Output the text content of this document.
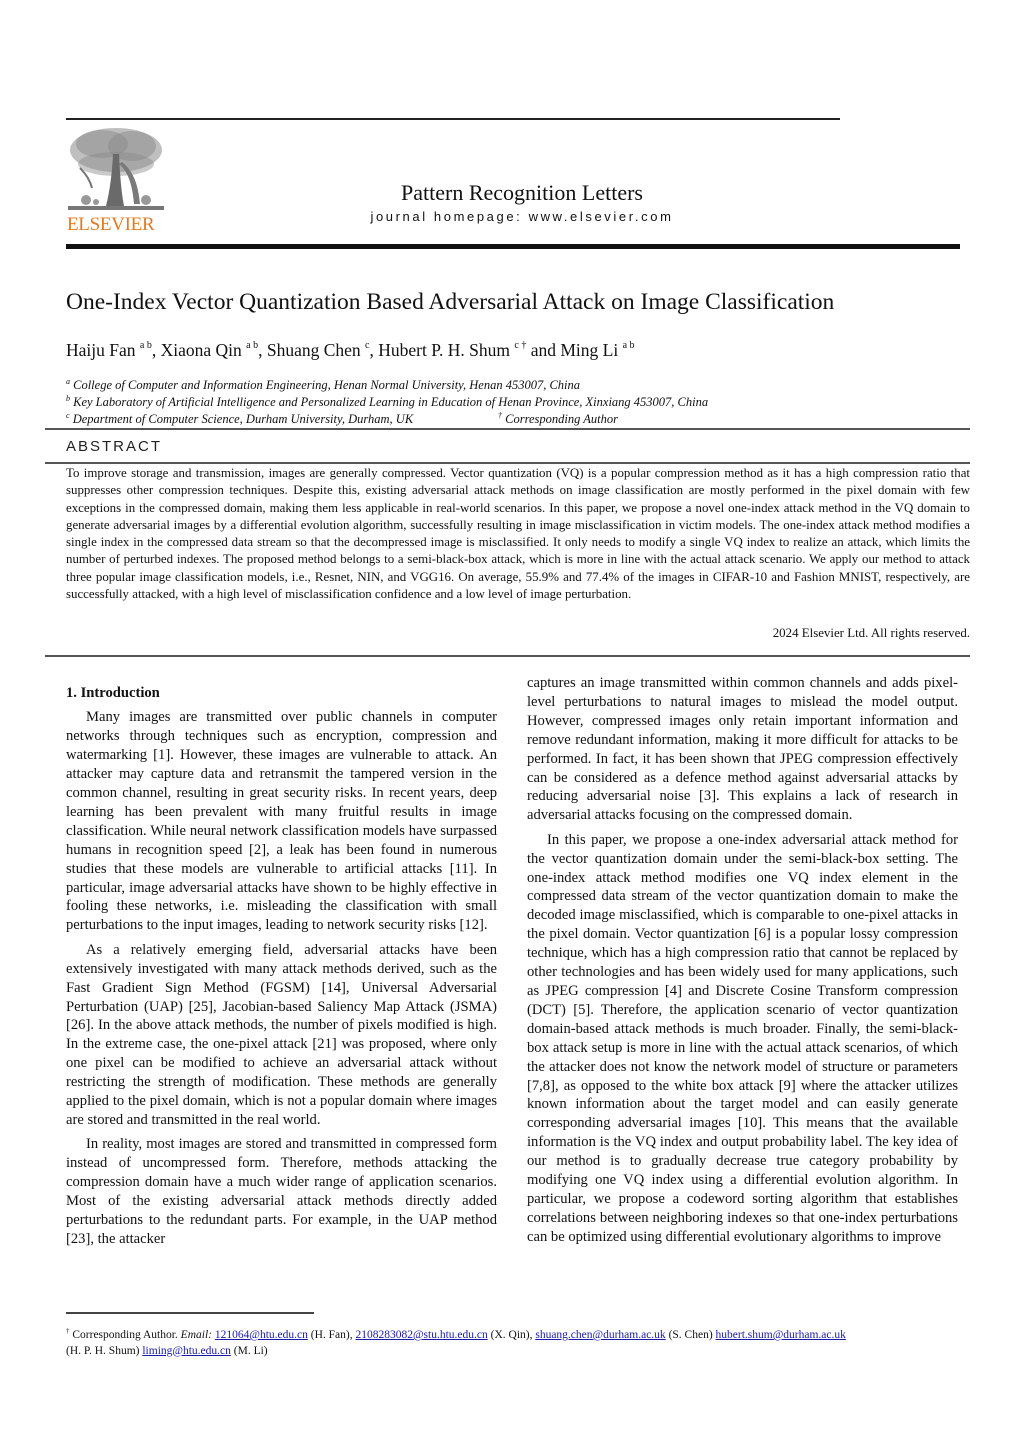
ELSEVIER
Pattern Recognition Letters
journal homepage: www.elsevier.com
One-Index Vector Quantization Based Adversarial Attack on Image Classification
Haiju Fan $^{a b}$, Xiaona Qin $^{a b}$, Shuang Chen $^c$, Hubert P. H. Shum $^{c \dagger}$ and Ming Li $^{a b}$
$^a$ College of Computer and Information Engineering, Henan Normal University, Henan 453007, China
$^b$ Key Laboratory of Artificial Intelligence and Personalized Learning in Education of Henan Province, Xinxiang 453007, China
$^c$ Department of Computer Science, Durham University, Durham, UK	† Corresponding Author
ABSTRACT
To improve storage and transmission, images are generally compressed. Vector quantization (VQ) is a popular compression method as it has a high compression ratio that suppresses other compression techniques. Despite this, existing adversarial attack methods on image classification are mostly performed in the pixel domain with few exceptions in the compressed domain, making them less applicable in real-world scenarios. In this paper, we propose a novel one-index attack method in the VQ domain to generate adversarial images by a differential evolution algorithm, successfully resulting in image misclassification in victim models. The one-index attack method modifies a single index in the compressed data stream so that the decompressed image is misclassified. It only needs to modify a single VQ index to realize an attack, which limits the number of perturbed indexes. The proposed method belongs to a semi-black-box attack, which is more in line with the actual attack scenario. We apply our method to attack three popular image classification models, i.e., Resnet, NIN, and VGG16. On average, 55.9% and 77.4% of the images in CIFAR-10 and Fashion MNIST, respectively, are successfully attacked, with a high level of misclassification confidence and a low level of image perturbation.
2024 Elsevier Ltd. All rights reserved.

1. Introduction

Many images are transmitted over public channels in computer networks through techniques such as encryption, compression and watermarking [1]. However, these images are vulnerable to attack. An attacker may capture data and retransmit the tampered version in the common channel, resulting in great security risks. In recent years, deep learning has been prevalent with many fruitful results in image classification. While neural network classification models have surpassed humans in recognition speed [2], a leak has been found in numerous studies that these models are vulnerable to artificial attacks [11]. In particular, image adversarial attacks have shown to be highly effective in fooling these networks, i.e. misleading the classification with small perturbations to the input images, leading to network security risks [12].

As a relatively emerging field, adversarial attacks have been extensively investigated with many attack methods derived, such as the Fast Gradient Sign Method (FGSM) [14], Universal Adversarial Perturbation (UAP) [25], Jacobian-based Saliency Map Attack (JSMA) [26]. In the above attack methods, the number of pixels modified is high. In the extreme case, the one-pixel attack [21] was proposed, where only one pixel can be modified to achieve an adversarial attack without restricting the strength of modification. These methods are generally applied to the pixel domain, which is not a popular domain where images are stored and transmitted in the real world.

In reality, most images are stored and transmitted in compressed form instead of uncompressed form. Therefore, methods attacking the compression domain have a much wider range of application scenarios. Most of the existing adversarial attack methods directly added perturbations to the redundant parts. For example, in the UAP method [23], the attacker

captures an image transmitted within common channels and adds pixel-level perturbations to natural images to mislead the model output. However, compressed images only retain important information and remove redundant information, making it more difficult for attacks to be performed. In fact, it has been shown that JPEG compression effectively can be considered as a defence method against adversarial attacks by reducing adversarial noise [3]. This explains a lack of research in adversarial attacks focusing on the compressed domain.

In this paper, we propose a one-index adversarial attack method for the vector quantization domain under the semi-black-box setting. The one-index attack method modifies one VQ index element in the compressed data stream of the vector quantization domain to make the decoded image misclassified, which is comparable to one-pixel attacks in the pixel domain. Vector quantization [6] is a popular lossy compression technique, which has a high compression ratio that cannot be replaced by other technologies and has been widely used for many applications, such as JPEG compression [4] and Discrete Cosine Transform compression (DCT) [5]. Therefore, the application scenario of vector quantization domain-based attack methods is much broader. Finally, the semi-black-box attack setup is more in line with the actual attack scenarios, of which the attacker does not know the network model of structure or parameters [7,8], as opposed to the white box attack [9] where the attacker utilizes known information about the target model and can easily generate corresponding adversarial images [10]. This means that the available information is the VQ index and output probability label. The key idea of our method is to gradually decrease true category probability by modifying one VQ index using a differential evolution algorithm. In particular, we propose a codeword sorting algorithm that establishes correlations between neighboring indexes so that one-index perturbations can be optimized using differential evolutionary algorithms to improve

† Corresponding Author. Email: 121064@htu.edu.cn (H. Fan), 2108283082@stu.htu.edu.cn (X. Qin), shuang.chen@durham.ac.uk (S. Chen) hubert.shum@durham.ac.uk
(H. P. H. Shum) liming@htu.edu.cn (M. Li)
